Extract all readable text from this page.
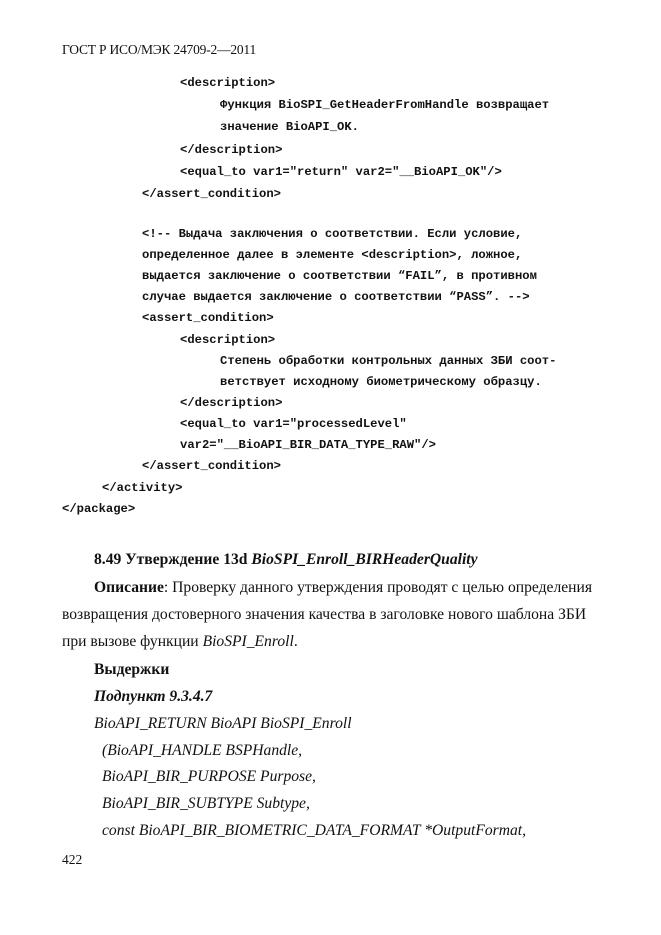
ГОСТ Р ИСО/МЭК 24709-2—2011
<description>
Функция BioSPI_GetHeaderFromHandle возвращает
значение BioAPI_OK.
</description>
<equal_to var1="return" var2="__BioAPI_OK"/>
</assert_condition>
<!-- Выдача заключения о соответствии. Если условие,
определенное далее в элементе <description>, ложное,
выдается заключение о соответствии “FAIL”, в противном
случае выдается заключение о соответствии “PASS”. -->
<assert_condition>
<description>
Степень обработки контрольных данных ЗБИ соот-
ветствует исходному биометрическому образцу.
</description>
<equal_to var1="processedLevel"
var2="__BioAPI_BIR_DATA_TYPE_RAW"/>
</assert_condition>
</activity>
</package>
8.49 Утверждение 13d BioSPI_Enroll_BIRHeaderQuality
Описание: Проверку данного утверждения проводят с целью определения
возвращения достоверного значения качества в заголовке нового шаблона ЗБИ
при вызове функции BioSPI_Enroll.
Выдержки
Подпункт 9.3.4.7
BioAPI_RETURN BioAPI BioSPI_Enroll
(BioAPI_HANDLE BSPHandle,
BioAPI_BIR_PURPOSE Purpose,
BioAPI_BIR_SUBTYPE Subtype,
const BioAPI_BIR_BIOMETRIC_DATA_FORMAT *OutputFormat,
422
